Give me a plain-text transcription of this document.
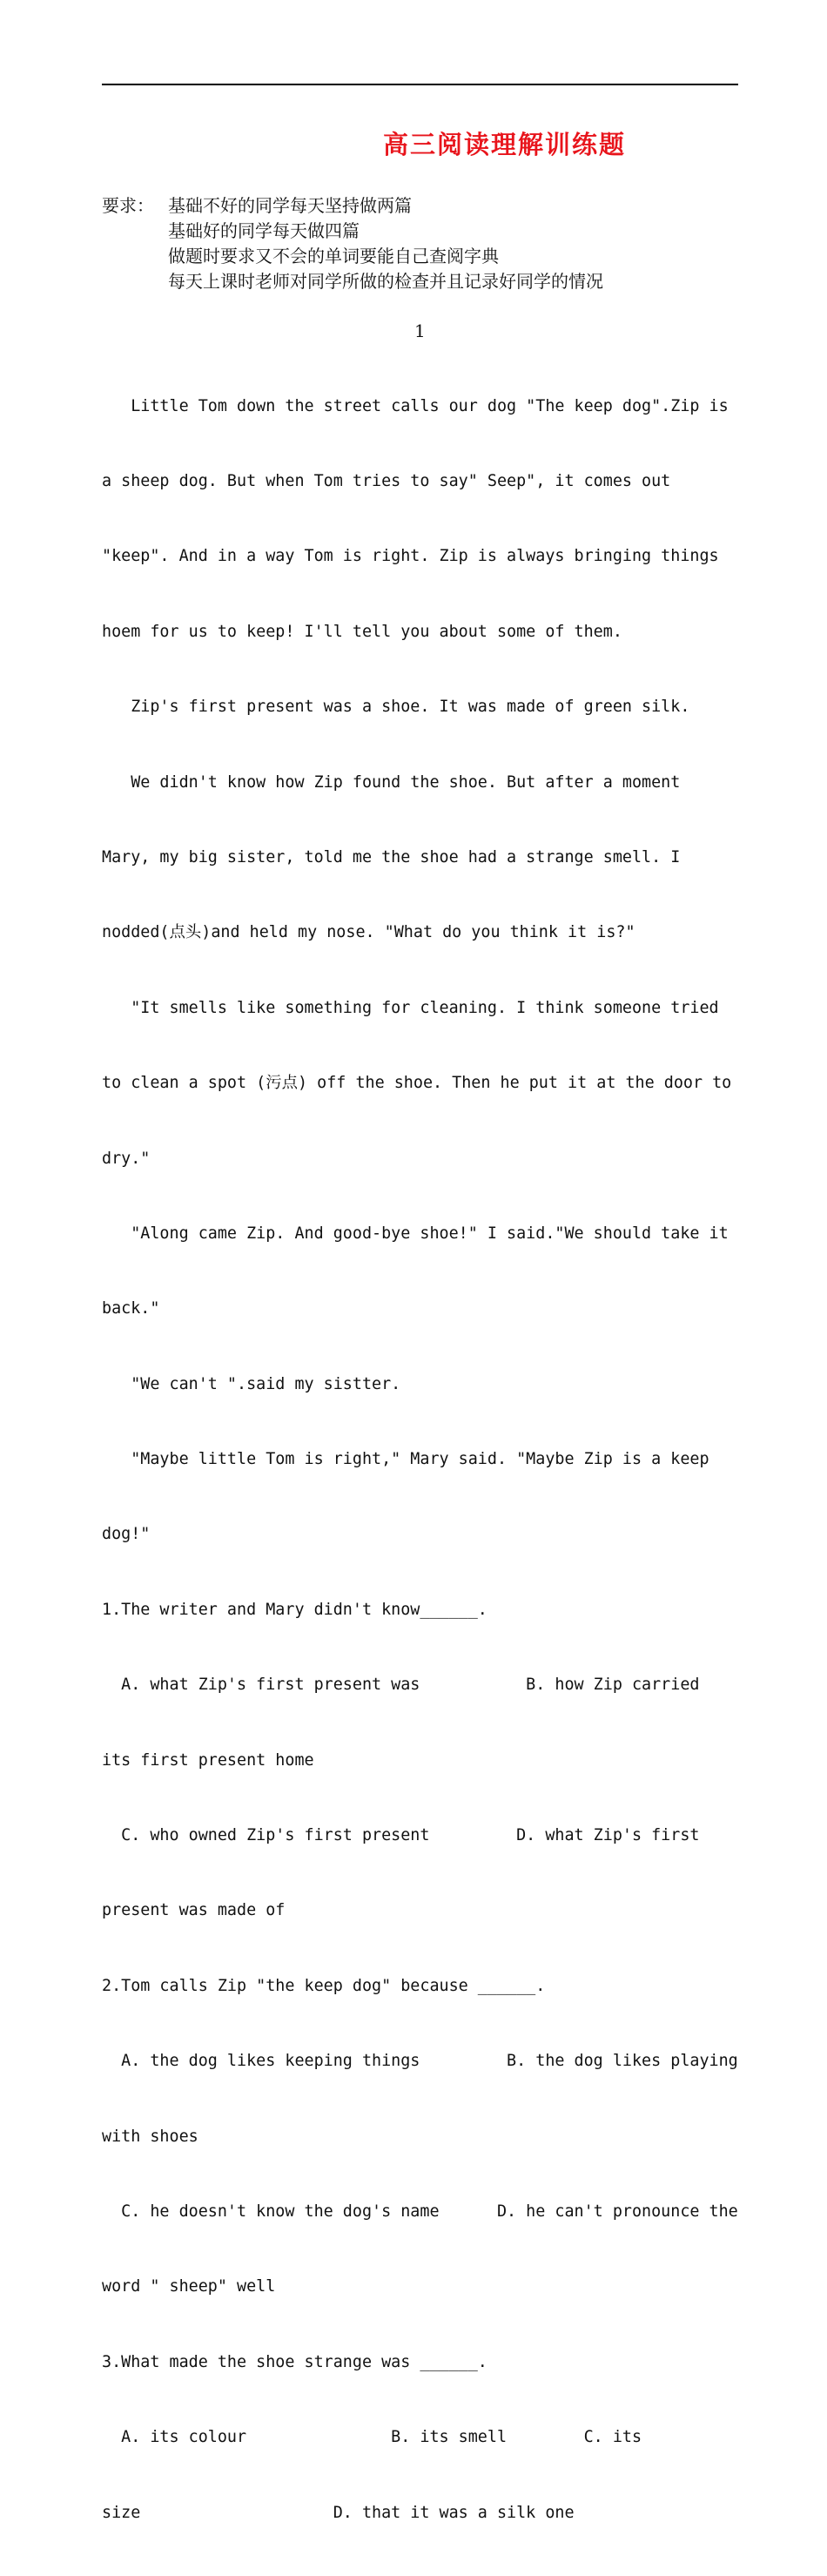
高三阅读理解训练题
要求： 基础不好的同学每天坚持做两篇
基础好的同学每天做四篇
做题时要求又不会的单词要能自己查阅字典
每天上课时老师对同学所做的检查并且记录好同学的情况
1

Little Tom down the street calls our dog "The keep dog".Zip is

a sheep dog. But when Tom tries to say" Seep", it comes out

"keep". And in a way Tom is right. Zip is always bringing things

hoem for us to keep! I'll tell you about some of them.

Zip's first present was a shoe. It was made of green silk.

We didn't know how Zip found the shoe. But after a moment

Mary, my big sister, told me the shoe had a strange smell. I

nodded(点头)and held my nose. "What do you think it is?"

"It smells like something for cleaning. I think someone tried

to clean a spot (污点) off the shoe. Then he put it at the door to

dry."

"Along came Zip. And good-bye shoe!" I said."We should take it

back."

"We can't ".said my sistter.

"Maybe little Tom is right," Mary said. "Maybe Zip is a keep

dog!"

1.The writer and Mary didn't know______.

A. what Zip's first present was           B. how Zip carried

its first present home

C. who owned Zip's first present         D. what Zip's first

present was made of

2.Tom calls Zip "the keep dog" because ______.

A. the dog likes keeping things         B. the dog likes playing

with shoes

C. he doesn't know the dog's name      D. he can't pronounce the

word " sheep" well

3.What made the shoe strange was ______.

A. its colour               B. its smell        C. its

size                    D. that it was a silk one
